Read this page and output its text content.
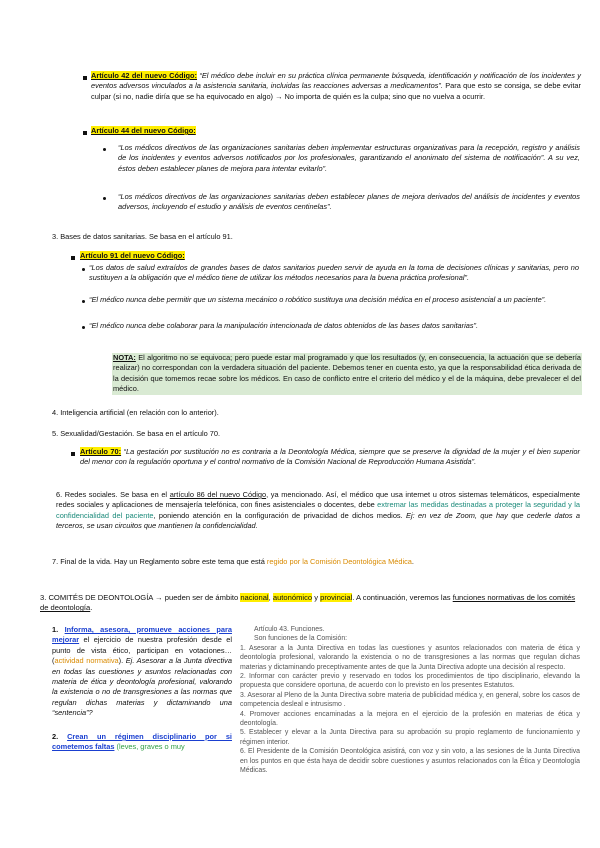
Artículo 42 del nuevo Código: “El médico debe incluir en su práctica clínica permanente búsqueda, identificación y notificación de los incidentes y eventos adversos vinculados a la asistencia sanitaria, incluidas las reacciones adversas a medicamentos”. Para que esto se consiga, se debe evitar culpar (si no, nadie diría que se ha equivocado en algo) → No importa de quién es la culpa; sino que no vuelva a ocurrir.
Artículo 44 del nuevo Código:
“Los médicos directivos de las organizaciones sanitarias deben implementar estructuras organizativas para la recepción, registro y análisis de los incidentes y eventos adversos notificados por los profesionales, garantizando el anonimato del sistema de notificación”. A su vez, éstos deben establecer planes de mejora para intentar evitarlo”.
“Los médicos directivos de las organizaciones sanitarias deben establecer planes de mejora derivados del análisis de incidentes y eventos adversos, incluyendo el estudio y análisis de eventos centinelas”.
3. Bases de datos sanitarias. Se basa en el artículo 91.
Artículo 91 del nuevo Código:
“Los datos de salud extraídos de grandes bases de datos sanitarios pueden servir de ayuda en la toma de decisiones clínicas y sanitarias, pero no sustituyen a la obligación que el médico tiene de utilizar los métodos necesarios para la buena práctica profesional”.
“El médico nunca debe permitir que un sistema mecánico o robótico sustituya una decisión médica en el proceso asistencial a un paciente”.
“El médico nunca debe colaborar para la manipulación intencionada de datos obtenidos de las bases datos sanitarias”.
NOTA: El algoritmo no se equivoca; pero puede estar mal programado y que los resultados (y, en consecuencia, la actuación que se debería realizar) no correspondan con la verdadera situación del paciente. Debemos tener en cuenta esto, ya que la responsabilidad ética derivada de la decisión que tomemos recae sobre los médicos. En caso de conflicto entre el criterio del médico y el de la máquina, debe prevalecer el del médico.
4. Inteligencia artificial (en relación con lo anterior).
5. Sexualidad/Gestación. Se basa en el artículo 70.
Artículo 70: “La gestación por sustitución no es contraria a la Deontología Médica, siempre que se preserve la dignidad de la mujer y el bien superior del menor con la regulación oportuna y el control normativo de la Comisión Nacional de Reproducción Humana Asistida”.
6. Redes sociales. Se basa en el artículo 86 del nuevo Código, ya mencionado. Así, el médico que usa internet u otros sistemas telemáticos, especialmente redes sociales y aplicaciones de mensajería telefónica, con fines asistenciales o docentes, debe extremar las medidas destinadas a proteger la seguridad y la confidencialidad del paciente, poniendo atención en la configuración de privacidad de dichos medios. Ej: en vez de Zoom, que hay que cederle datos a terceros, se usan circuitos que mantienen la confidencialidad.
7. Final de la vida. Hay un Reglamento sobre este tema que está regido por la Comisión Deontológica Médica.
3. COMITÉS DE DEONTOLOGÍA → pueden ser de ámbito nacional, autonómico y provincial. A continuación, veremos las funciones normativas de los comités de deontología.
1. Informa, asesora, promueve acciones para mejorar el ejercicio de nuestra profesión desde el punto de vista ético, participan en votaciones… (actividad normativa). Ej. Asesorar a la Junta directiva en todas las cuestiones y asuntos relacionadas con materia de ética y deontología profesional, valorando la existencia o no de transgresiones a las normas que regulan dichas materias y dictaminando una “sentencia”?
2. Crean un régimen disciplinario por si cometemos faltas (leves, graves o muy

Artículo 43. Funciones.

Son funciones de la Comisión:

1. Asesorar a la Junta Directiva en todas las cuestiones y asuntos relacionados con materia de ética y deontología profesional, valorando la existencia o no de transgresiones a las normas que regulan dichas materias y dictaminando preceptivamente antes de que la Junta Directiva adopte una decisión al respecto.

2. Informar con carácter previo y reservado en todos los procedimientos de tipo disciplinario, elevando la propuesta que considere oportuna, de acuerdo con lo previsto en los presentes Estatutos.

3. Asesorar al Pleno de la Junta Directiva sobre materia de publicidad médica y, en general, sobre los casos de competencia desleal e intrusismo .

4. Promover acciones encaminadas a la mejora en el ejercicio de la profesión en materias de ética y deontología.

5. Establecer y elevar a la Junta Directiva para su aprobación su propio reglamento de funcionamiento y régimen interior.

6. El Presidente de la Comisión Deontológica asistirá, con voz y sin voto, a las sesiones de la Junta Directiva en los puntos en que ésta haya de decidir sobre cuestiones y asuntos relacionados con la Ética y Deontología Médicas.
